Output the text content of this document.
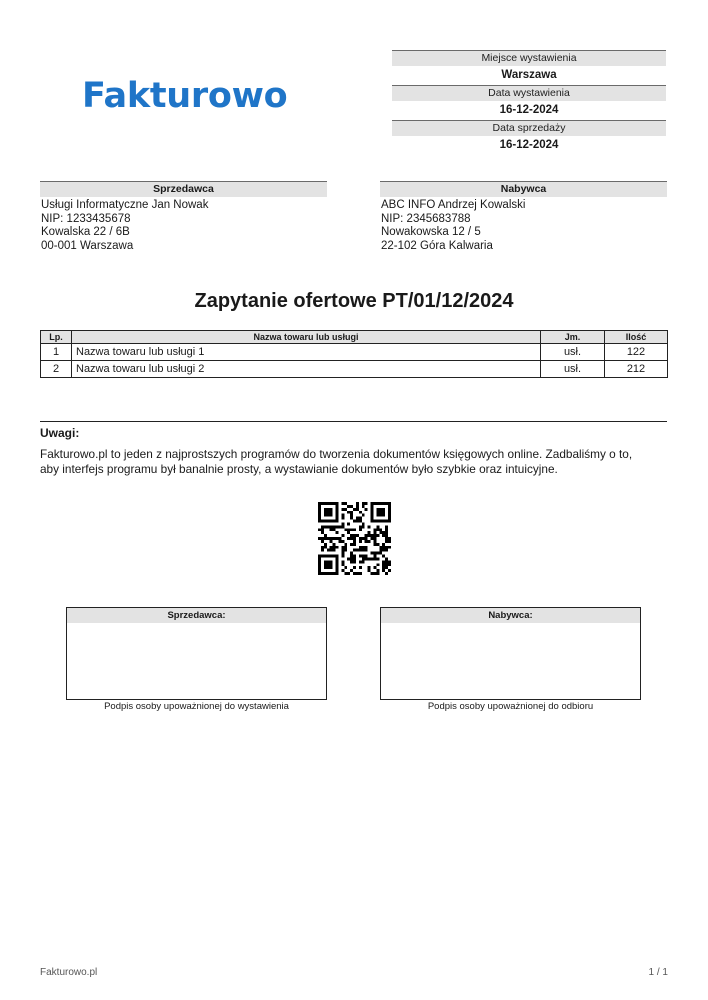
Fakturowo
Miejsce wystawienia
Warszawa
Data wystawienia
16-12-2024
Data sprzedaży
16-12-2024
Sprzedawca
Usługi Informatyczne Jan Nowak
NIP: 1233435678
Kowalska 22 / 6B
00-001 Warszawa
Nabywca
ABC INFO Andrzej Kowalski
NIP: 2345683788
Nowakowska 12 / 5
22-102 Góra Kalwaria
Zapytanie ofertowe PT/01/12/2024
Lp.	Nazwa towaru lub usługi	Jm.	Ilość
1	Nazwa towaru lub usługi 1	usł.	122
2	Nazwa towaru lub usługi 2	usł.	212
Uwagi:
Fakturowo.pl to jeden z najprostszych programów do tworzenia dokumentów księgowych online. Zadbaliśmy o to,
aby interfejs programu był banalnie prosty, a wystawianie dokumentów było szybkie oraz intuicyjne.
Sprzedawca:
Podpis osoby upoważnionej do wystawienia
Nabywca:
Podpis osoby upoważnionej do odbioru
Fakturowo.pl	1 / 1
